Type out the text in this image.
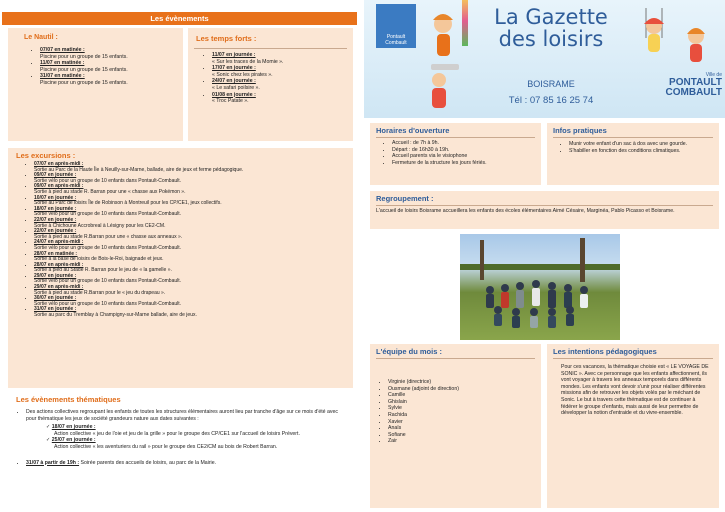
Les évènements
Le Nautil :
• 07/07 en matinée :
Piscine pour un groupe de 15 enfants.
• 11/07 en matinée :
Piscine pour un groupe de 15 enfants.
• 31/07 en matinée :
Piscine pour un groupe de 15 enfants.
Les temps forts :
• 11/07 en journée :
« Sur les traces de la Momie ».
• 17/07 en journée :
« Sonic chez les pirates ».
• 24/07 en journée :
« Le safari poilsire ».
• 01/08 en journée :
« Troc Patate ».
Les excursions :
• 07/07 en après-midi :
Sortie au Parc de la Haute Île à Neuilly-sur-Marne, ballade, aire de jeux et ferme pédagogique.
• 09/07 en journée :
Sortie vélo pour un groupe de 10 enfants dans Pontault-Combault.
• 09/07 en après-midi :
Sortie à pied au stade R. Barran pour une « chasse aux Pokémon ».
• 10/07 en journée :
Sortie au Parc de loisirs Île de Robinson à Montreuil pour les CP/CE1, jeux collectifs.
• 18/07 en journée :
Sortie vélo pour un groupe de 10 enfants dans Pontault-Combault.
• 22/07 en journée :
Sortie à Chichoune Accrobreal à Lésigny pour les CE2-CM.
• 22/07 en journée :
Sortie à pied au stade R.Barran pour une « chasse aux anneaux ».
• 24/07 en après-midi :
Sortie vélo pour un groupe de 10 enfants dans Pontault-Combault.
• 28/07 en matinée :
Sortie à la base de loisirs de Bois-le-Roi, baignade et jeux.
• 28/07 en après-midi :
Sortie à pied au Stade R. Barran pour le jeu de « la gamelle ».
• 29/07 en journée :
Sortie vélo pour un groupe de 10 enfants dans Pontault-Combault.
• 29/07 en après-midi :
Sortie à pied au stade R.Barran pour le « jeu du drapeau ».
• 30/07 en journée :
Sortie vélo pour un groupe de 10 enfants dans Pontault-Combault.
• 31/07 en journée :
Sortie au parc du Tremblay à Champigny-sur-Marne ballade, aire de jeux.
Les évènements thématiques
• Des actions collectives regroupant les enfants de toutes les structures élémentaires auront lieu par tranche d'âge sur ce mois d'été avec pour thématique les jeux de société grandeurs nature aux dates suivantes :
✓ 18/07 en journée :
Action collective « jeu de l'oie et jeu de la grille » pour le groupe des CP/CE1 sur l'accueil de loisirs Prévert.
✓ 25/07 en journée :
Action collective « les aventuriers du rail » pour le groupe des CE2/CM au bois de Robert Barran.
• 31/07 à partir de 19h : Soirée parents des accueils de loisirs, au parc de la Mairie.
Pontault Combault
La Gazette
des loisirs
BOISRAME
Tél : 07 85 16 25 74
Ville de
PONTAULT
COMBAULT
Horaires d'ouverture
• Accueil : de 7h à 9h.
• Départ : de 16h30 à 19h.
• Accueil parents via le visiophone
• Fermeture de la structure les jours fériés.
Infos pratiques
• Munir votre enfant d'un sac à dos avec une gourde.
• S'habiller en fonction des conditions climatiques.
Regroupement :
L'accueil de loisirs Boisrame accueillera les enfants des écoles élémentaires Aimé Césaire, Marginéa, Pablo Picasso et Boisrame.
L'équipe du mois :
• Virginie (directrice)
• Ousmane (adjoint de direction)
• Camille
• Ghislain
• Sylvie
• Rachida
• Xavier
• Anaïs
• Sofiane
• Zair
Les intentions pédagogiques
Pour ces vacances, la thématique choisie est « LE VOYAGE DE SONIC ». Avec ce personnage que les enfants affectionnent, ils vont voyager à travers les anneaux temporels dans différents mondes. Les enfants vont devoir s'unir pour réaliser différentes missions afin de retrouver les objets volés par le méchant de Sonic. Le but à travers cette thématique est de continuer à fédérer le groupe d'enfants, mais aussi de leur permettre de développer la notion d'entraide et du vivre-ensemble.
